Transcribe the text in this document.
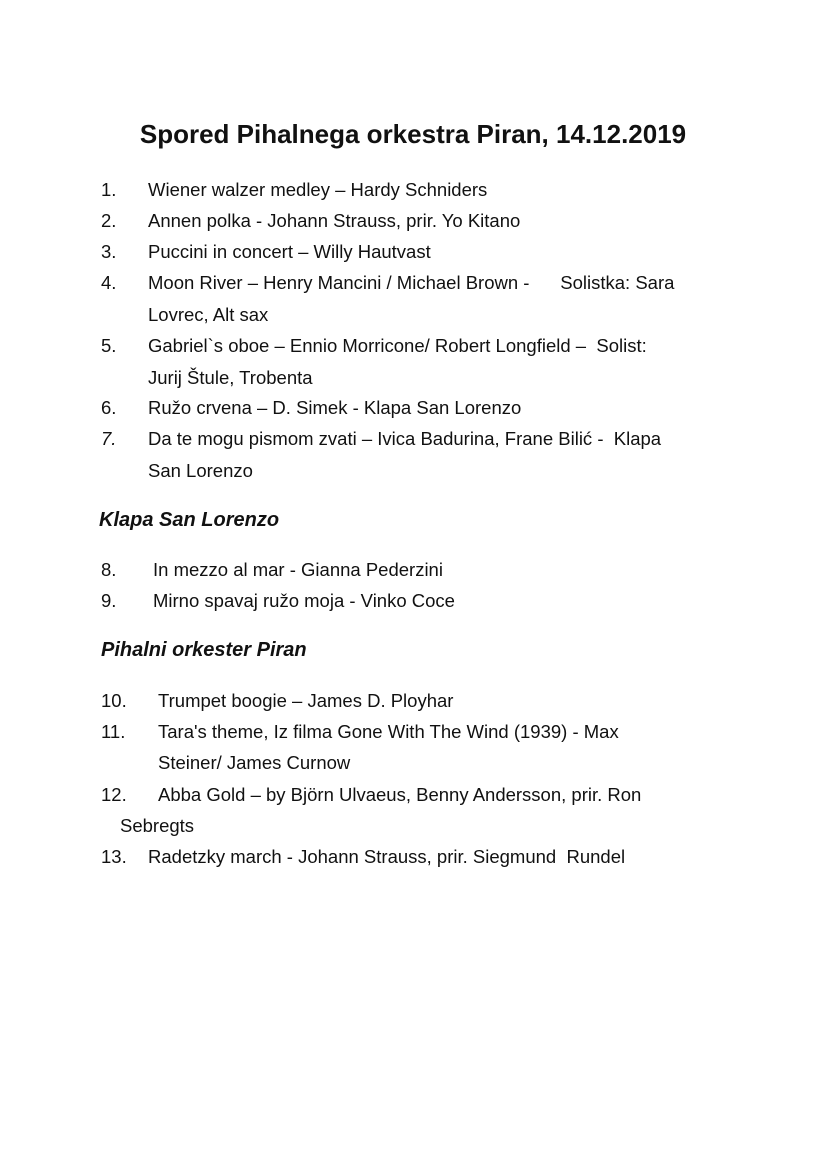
Spored Pihalnega orkestra Piran, 14.12.2019
1. Wiener walzer medley – Hardy Schniders
2. Annen polka - Johann Strauss, prir. Yo Kitano
3. Puccini in concert – Willy Hautvast
4. Moon River – Henry Mancini / Michael Brown -      Solistka: Sara
Lovrec, Alt sax
5. Gabriel`s oboe – Ennio Morricone/ Robert Longfield –  Solist:
Jurij Štule, Trobenta
6. Ružo crvena – D. Simek - Klapa San Lorenzo
7. Da te mogu pismom zvati – Ivica Badurina, Frane Bilić -  Klapa
San Lorenzo
Klapa San Lorenzo
8. In mezzo al mar - Gianna Pederzini
9. Mirno spavaj ružo moja - Vinko Coce
Pihalni orkester Piran
10. Trumpet boogie – James D. Ployhar
11. Tara's theme, Iz filma Gone With The Wind (1939) - Max
Steiner/ James Curnow
12. Abba Gold – by Björn Ulvaeus, Benny Andersson, prir. Ron
Sebregts
13. Radetzky march - Johann Strauss, prir. Siegmund  Rundel
